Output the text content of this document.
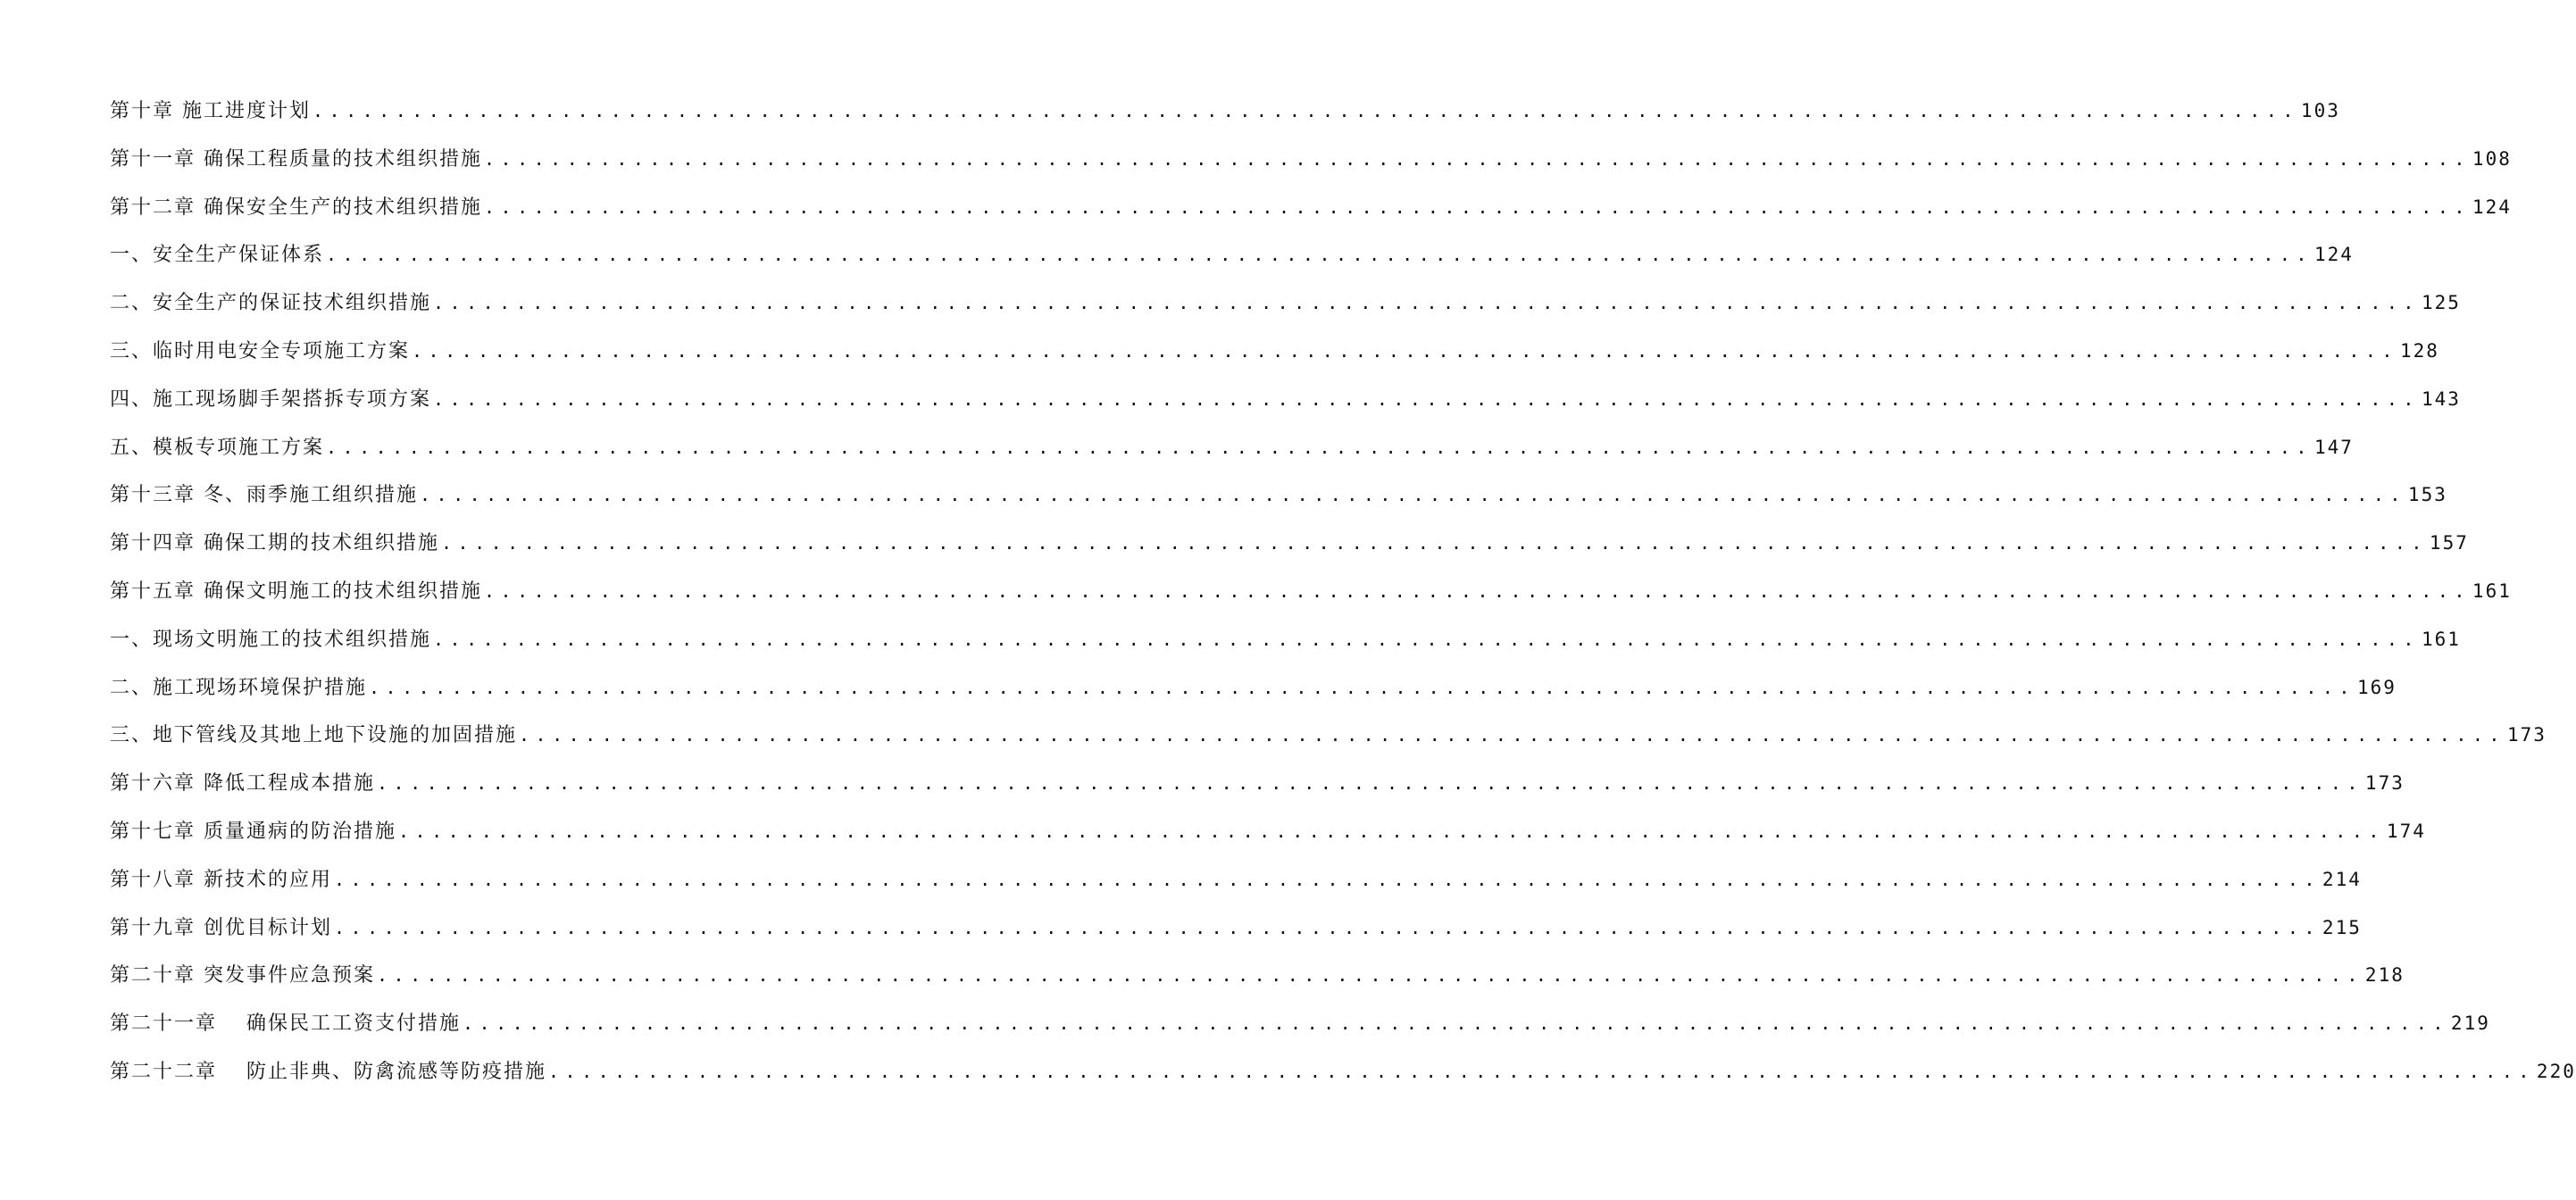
第十章 施工进度计划 ........................................................................................................................ 103
第十一章 确保工程质量的技术组织措施 ........................................................................................................................ 108
第十二章 确保安全生产的技术组织措施 ........................................................................................................................ 124
一、安全生产保证体系 ........................................................................................................................ 124
二、安全生产的保证技术组织措施 ........................................................................................................................ 125
三、临时用电安全专项施工方案 ........................................................................................................................ 128
四、施工现场脚手架搭拆专项方案 ........................................................................................................................ 143
五、模板专项施工方案 ........................................................................................................................ 147
第十三章 冬、雨季施工组织措施 ........................................................................................................................ 153
第十四章 确保工期的技术组织措施 ........................................................................................................................ 157
第十五章 确保文明施工的技术组织措施 ........................................................................................................................ 161
一、现场文明施工的技术组织措施 ........................................................................................................................ 161
二、施工现场环境保护措施 ........................................................................................................................ 169
三、地下管线及其地上地下设施的加固措施 ........................................................................................................................ 173
第十六章 降低工程成本措施 ........................................................................................................................ 173
第十七章 质量通病的防治措施 ........................................................................................................................ 174
第十八章 新技术的应用 ........................................................................................................................ 214
第十九章 创优目标计划 ........................................................................................................................ 215
第二十章 突发事件应急预案 ........................................................................................................................ 218
第二十一章　 确保民工工资支付措施 ........................................................................................................................ 219
第二十二章　 防止非典、防禽流感等防疫措施 ........................................................................................................................ 220
